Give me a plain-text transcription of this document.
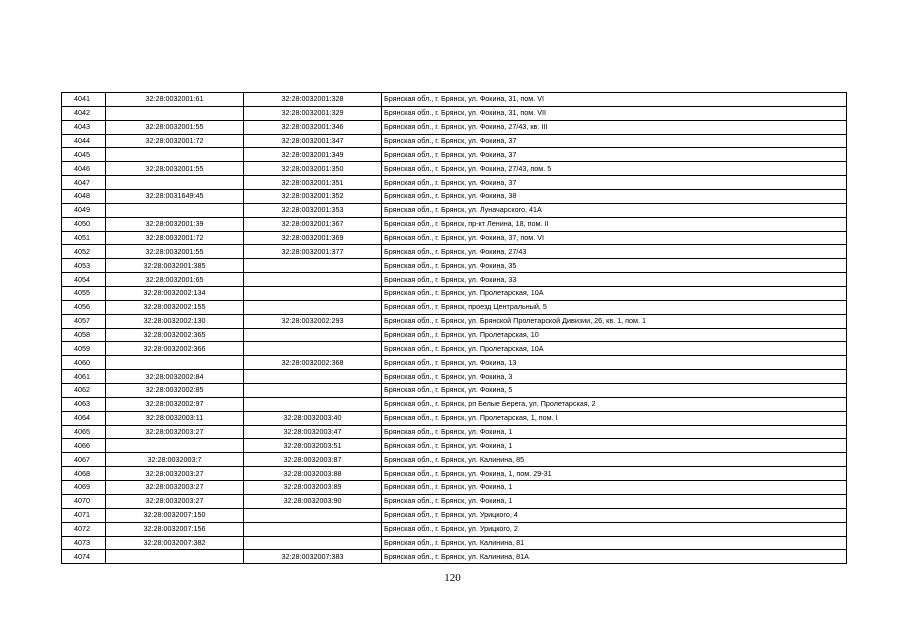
4041	32:28:0032001:61	32:28:0032001:328	Брянская обл., г. Брянск, ул. Фокина, 31, пом. VI
4042		32:28:0032001:329	Брянская обл., г. Брянск, ул. Фокина, 31, пом. VII
4043	32:28:0032001:55	32:28:0032001:346	Брянская обл., г. Брянск, ул. Фокина, 27/43, кв. III
4044	32:28:0032001:72	32:28:0032001:347	Брянская обл., г. Брянск, ул. Фокина, 37
4045		32:28:0032001:349	Брянская обл., г. Брянск, ул. Фокина, 37
4046	32:28:0032001:55	32:28:0032001:350	Брянская обл., г. Брянск, ул. Фокина, 27/43, пом. 5
4047		32:28:0032001:351	Брянская обл., г. Брянск, ул. Фокина, 37
4048	32:28:0031649:45	32:28:0032001:352	Брянская обл., г. Брянск, ул. Фокина, 38
4049		32:28:0032001:353	Брянская обл., г. Брянск, ул. Луначарского, 41А
4050	32:28:0032001:39	32:28:0032001:367	Брянская обл., г. Брянск, пр-кт Ленина, 18, пом. II
4051	32:28:0032001:72	32:28:0032001:369	Брянская обл., г. Брянск, ул. Фокина, 37, пом. VI
4052	32:28:0032001:55	32:28:0032001:377	Брянская обл., г. Брянск, ул. Фокина, 27/43
4053	32:28:0032001:385		Брянская обл., г. Брянск, ул. Фокина, 35
4054	32:28:0032001:65		Брянская обл., г. Брянск, ул. Фокина, 33
4055	32:28:0032002:134		Брянская обл., г. Брянск, ул. Пролетарская, 10А
4056	32:28:0032002:155		Брянская обл., г. Брянск, проезд Центральный, 5
4057	32:28:0032002:130	32:28:0032002:293	Брянская обл., г. Брянск, ул. Брянской Пролетарской Дивизии, 26, кв. 1, пом. 1
4058	32:28:0032002:365		Брянская обл., г. Брянск, ул. Пролетарская, 10
4059	32:28:0032002:366		Брянская обл., г. Брянск, ул. Пролетарская, 10А
4060		32:28:0032002:368	Брянская обл., г. Брянск, ул. Фокина, 13
4061	32:28:0032002:84		Брянская обл., г. Брянск, ул. Фокина, 3
4062	32:28:0032002:85		Брянская обл., г. Брянск, ул. Фокина, 5
4063	32:28:0032002:97		Брянская обл., г. Брянск, рп Белые Берега, ул. Пролетарская, 2
4064	32:28:0032003:11	32:28:0032003:40	Брянская обл., г. Брянск, ул. Пролетарская, 1, пом. I
4065	32:28:0032003:27	32:28:0032003:47	Брянская обл., г. Брянск, ул. Фокина, 1
4066		32:28:0032003:51	Брянская обл., г. Брянск, ул. Фокина, 1
4067	32:28:0032003:7	32:28:0032003:87	Брянская обл., г. Брянск, ул. Калинина, 85
4068	32:28:0032003:27	32:28:0032003:88	Брянская обл., г. Брянск, ул. Фокина, 1, пом. 29-31
4069	32:28:0032003:27	32:28:0032003:89	Брянская обл., г. Брянск, ул. Фокина, 1
4070	32:28:0032003:27	32:28:0032003:90	Брянская обл., г. Брянск, ул. Фокина, 1
4071	32:28:0032007:150		Брянская обл., г. Брянск, ул. Урицкого, 4
4072	32:28:0032007:156		Брянская обл., г. Брянск, ул. Урицкого, 2
4073	32:28:0032007:382		Брянская обл., г. Брянск, ул. Калинина, 81
4074		32:28:0032007:383	Брянская обл., г. Брянск, ул. Калинина, 81А
120
